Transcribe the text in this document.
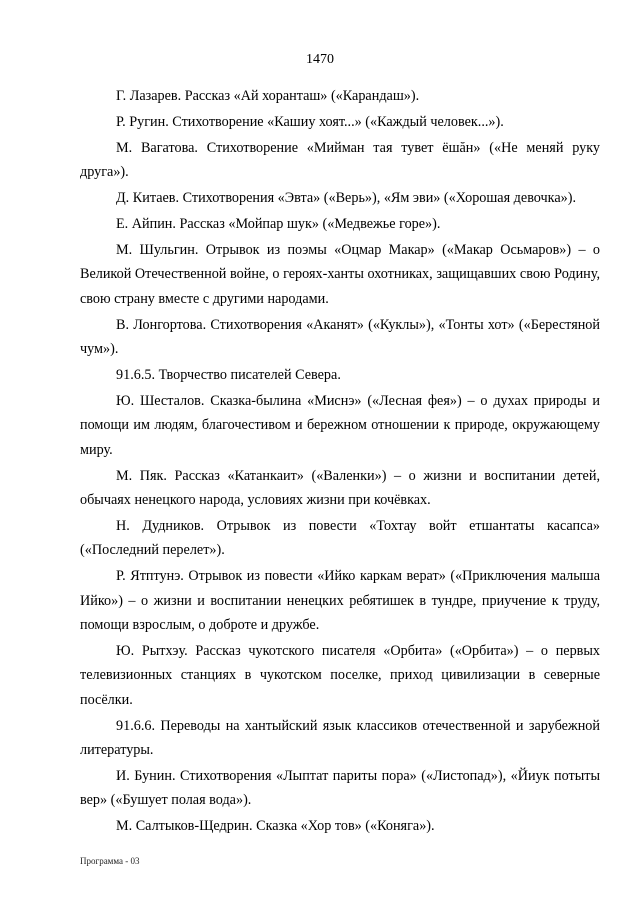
1470

Г. Лазарев. Рассказ «Ай хоранташ» («Карандаш»).

Р. Ругин. Стихотворение «Кашиу хоят...» («Каждый человек...»).

М. Вагатова. Стихотворение «Мийман тая тувет ёшăн» («Не меняй руку друга»).

Д. Китаев. Стихотворения «Эвта» («Верь»), «Ям эви» («Хорошая девочка»).

Е. Айпин. Рассказ «Мойпар шук» («Медвежье горе»).

М. Шульгин. Отрывок из поэмы «Оцмар Макар» («Макар Осьмаров») – о Великой Отечественной войне, о героях-ханты охотниках, защищавших свою Родину, свою страну вместе с другими народами.

В. Лонгортова. Стихотворения «Аканят» («Куклы»), «Тонты хот» («Берестяной чум»).

91.6.5. Творчество писателей Севера.

Ю. Шесталов. Сказка-былина «Миснэ» («Лесная фея») – о духах природы и помощи им людям, благочестивом и бережном отношении к природе, окружающему миру.

М. Пяк. Рассказ «Катанкаит» («Валенки») – о жизни и воспитании детей, обычаях ненецкого народа, условиях жизни при кочёвках.

Н. Дудников. Отрывок из повести «Тохтау вoйт етшантаты касапса» («Последний перелет»).

Р. Ятптунэ. Отрывок из повести «Ийко каркам верат» («Приключения малыша Ийко») – о жизни и воспитании ненецких ребятишек в тундре, приучение к труду, помощи взрослым, о доброте и дружбе.

Ю. Рытхэу. Рассказ чукотского писателя «Орбита» («Орбита») – о первых телевизионных станциях в чукотском поселке, приход цивилизации в северные посёлки.

91.6.6. Переводы на хантыйский язык классиков отечественной и зарубежной литературы.

И. Бунин. Стихотворения «Лыптат париты пора» («Листопад»), «Йиук потыты вер» («Бушует полая вода»).

М. Салтыков-Щедрин. Сказка «Хор тов» («Коняга»).

Программа - 03
